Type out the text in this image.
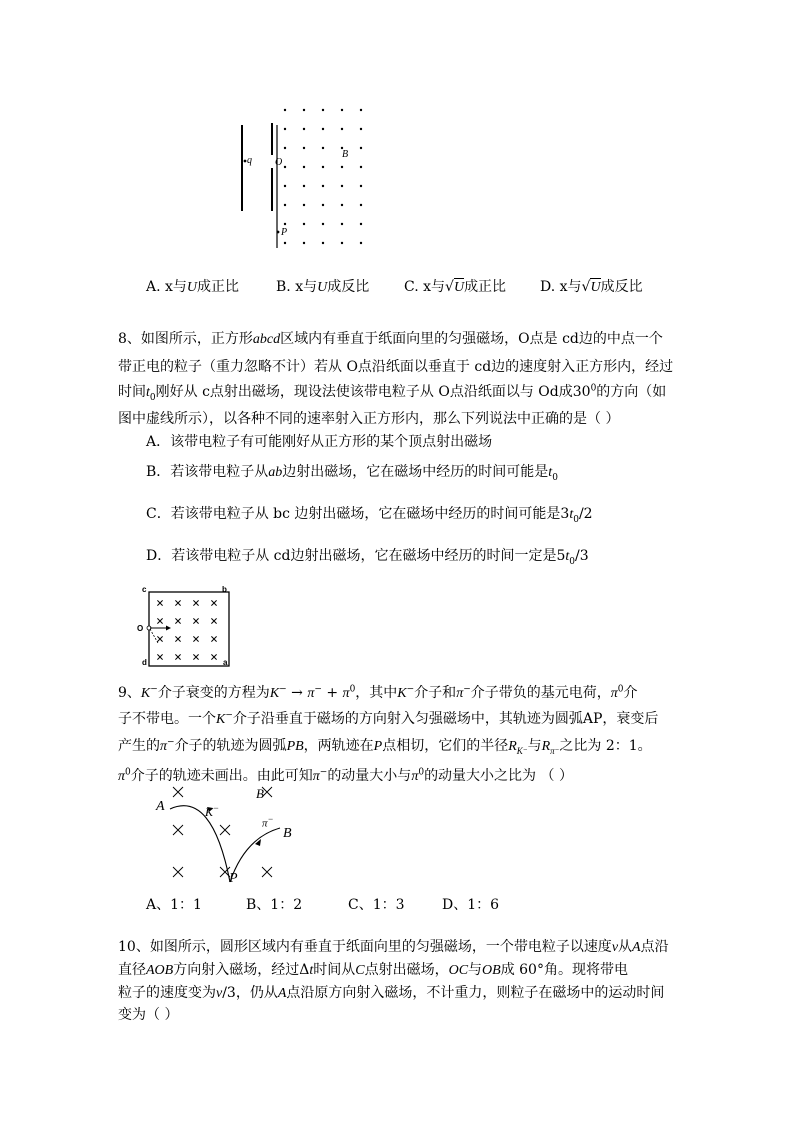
q O
B
P
A. x与U成正比	B. x与U成反比 C. x与√U成正比 D. x与√U成反比
8、如图所示，正方形abcd区域内有垂直于纸面向里的匀强磁场，O点是 cd边的中点一个
带正电的粒子（重力忽略不计）若从 O点沿纸面以垂直于 cd边的速度射入正方形内，经过
时间$t_0$刚好从 c点射出磁场，现设法使该带电粒子从 O点沿纸面以与 Od成$30^0$的方向（如
图中虚线所示），以各种不同的速率射入正方形内，那么下列说法中正确的是（ ）
A．该带电粒子有可能刚好从正方形的某个顶点射出磁场
B．若该带电粒子从ab边射出磁场，它在磁场中经历的时间可能是$t_0$
C．若该带电粒子从 bc 边射出磁场，它在磁场中经历的时间可能是$3t_0/2$
D．若该带电粒子从 cd边射出磁场，它在磁场中经历的时间一定是$5t_0/3$
c	b
O
d	a
9、K−介子衰变的方程为$K^- \to \pi^- + \pi^0$，其中K−介子和π−介子带负的基元电荷，$\pi^0$介
子不带电。一个K−介子沿垂直于磁场的方向射入匀强磁场中，其轨迹为圆弧AP，衰变后
产生的π−介子的轨迹为圆弧PB，两轨迹在P点相切，它们的半径$R_{K^-}$与$R_{\pi^-}$之比为 2：1。
$\pi^0$介子的轨迹未画出。由此可知π−的动量大小与$\pi^0$的动量大小之比为 （ ）
A
B
P
K−
B
π−
A、1：1	B、1：2	C、1：3	D、1：6
10、如图所示，圆形区域内有垂直于纸面向里的匀强磁场，一个带电粒子以速度v从A点沿
直径AOB方向射入磁场，经过Δt时间从C点射出磁场，OC与OB成 60°角。现将带电
粒子的速度变为v/3，仍从A点沿原方向射入磁场，不计重力，则粒子在磁场中的运动时间
变为（ ）
